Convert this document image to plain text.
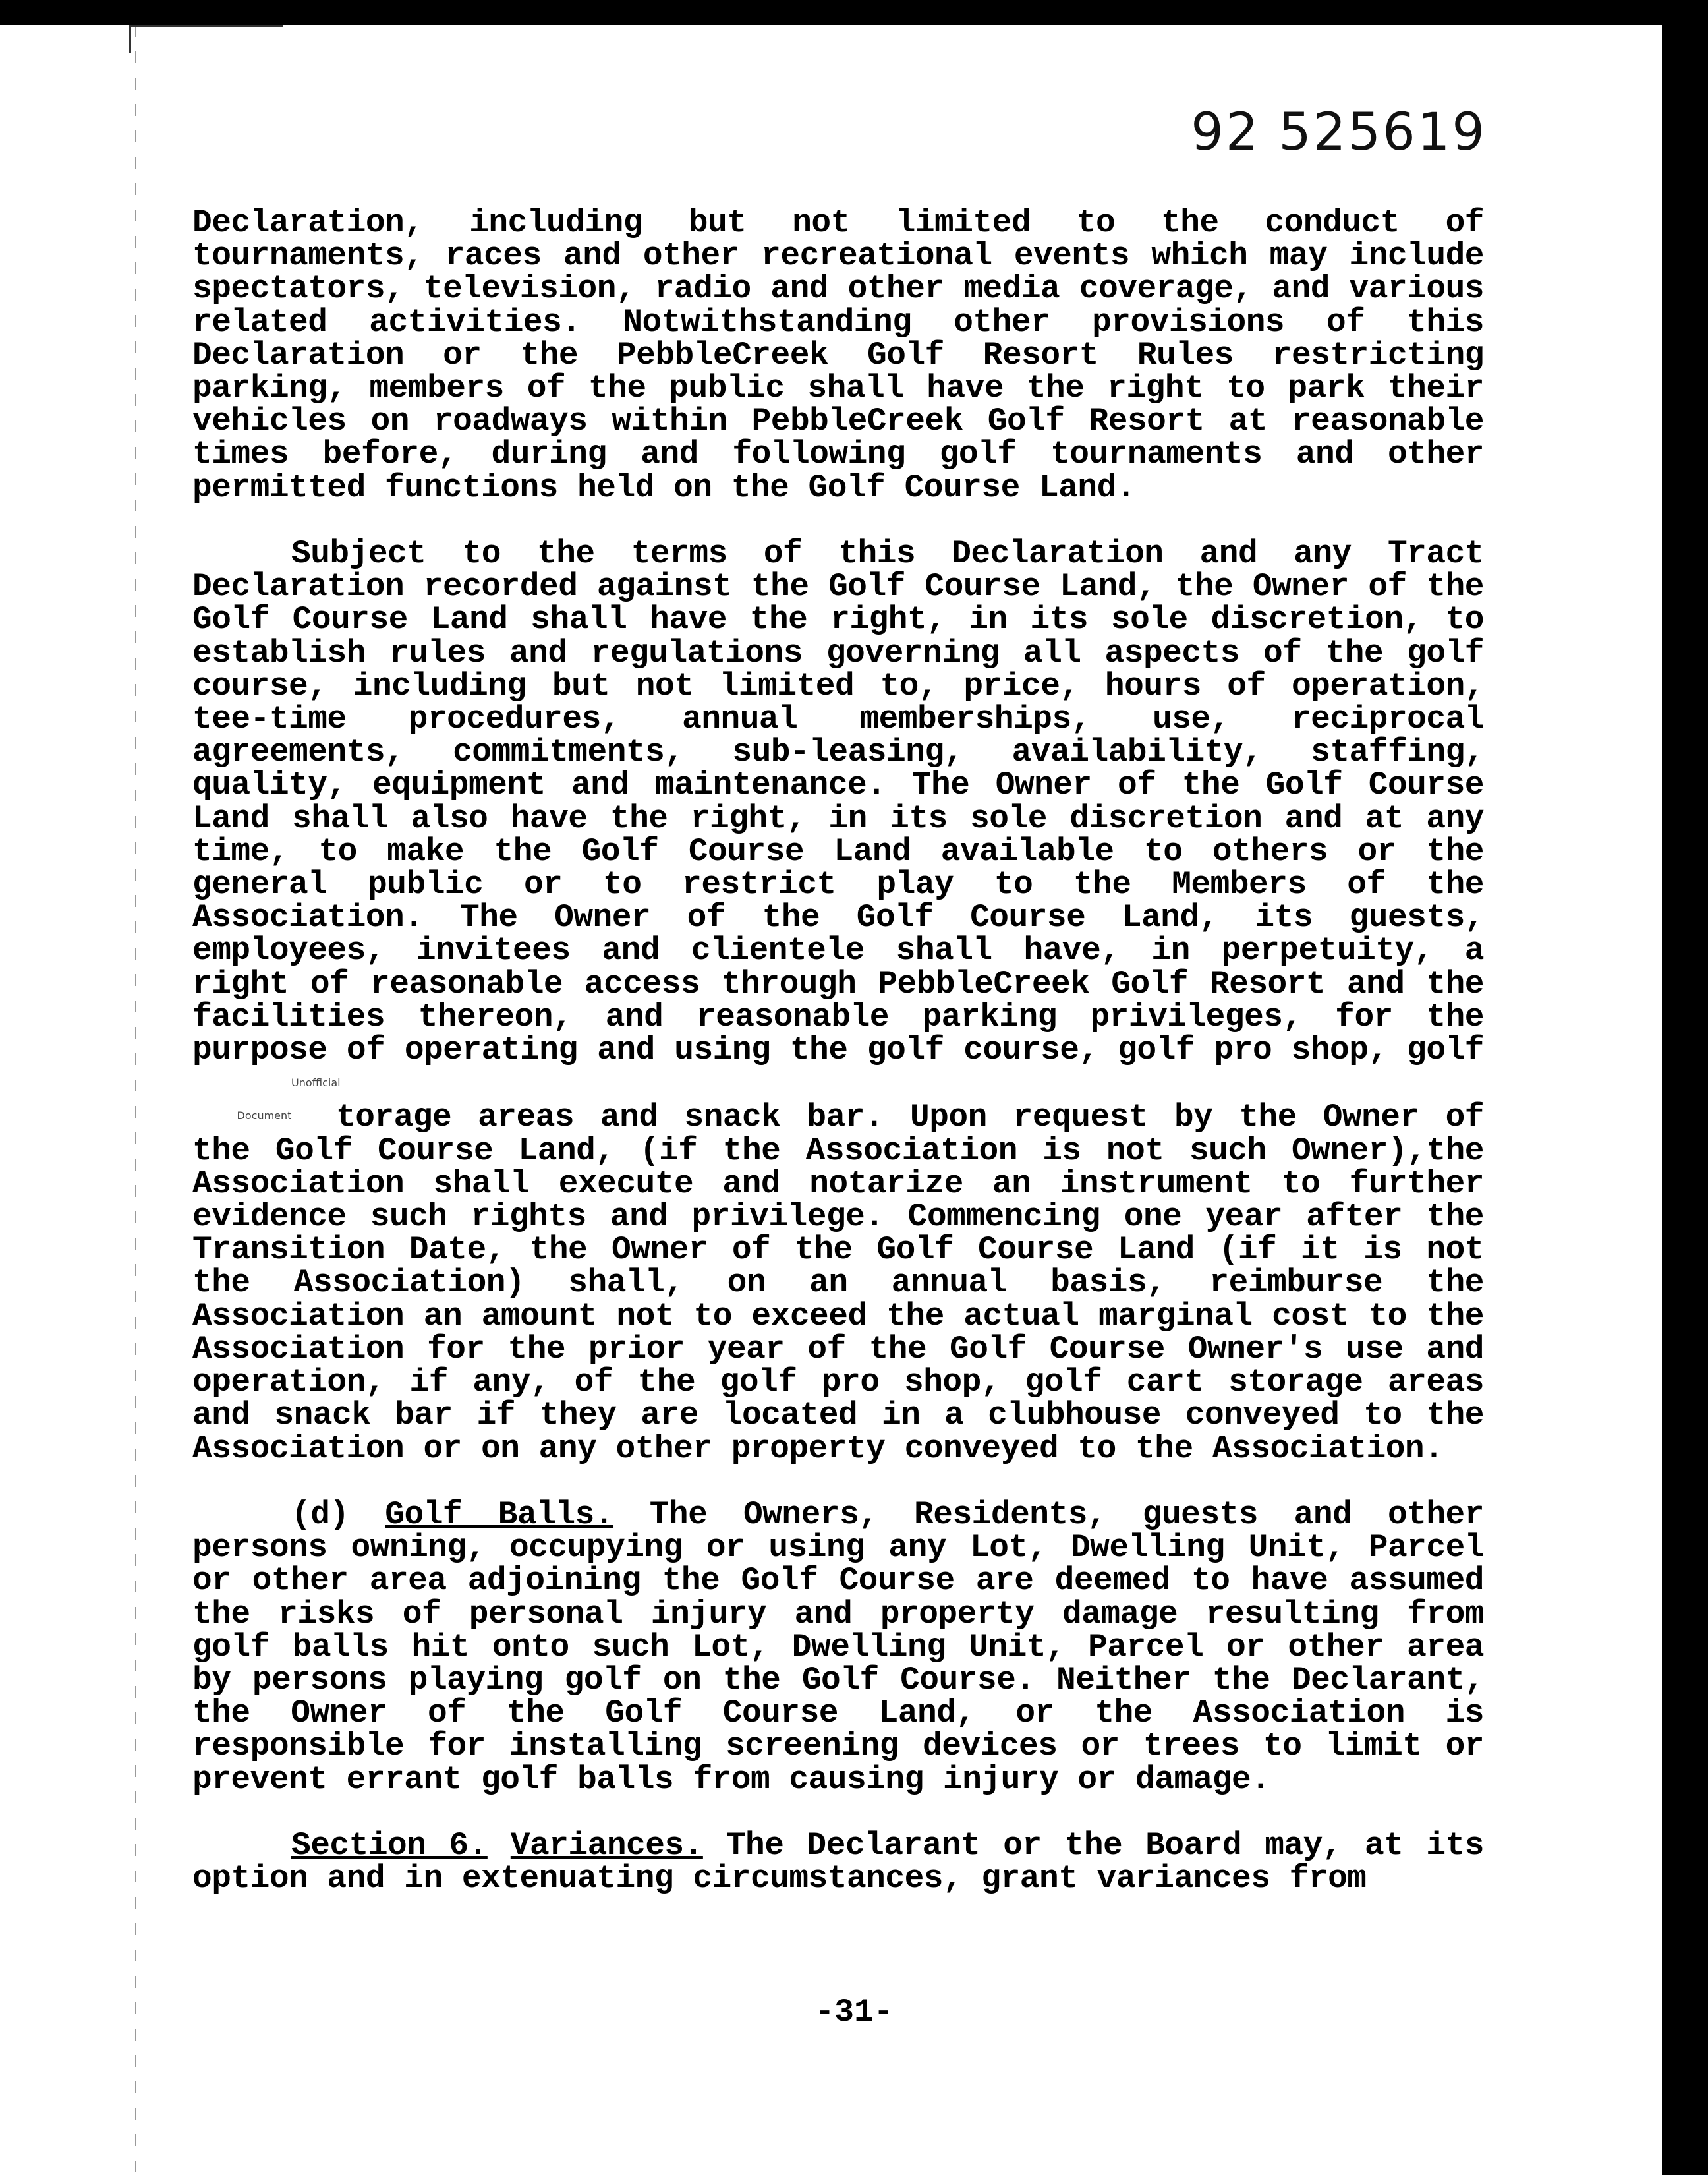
92 525619

Declaration, including but not limited to the conduct of tournaments, races and other recreational events which may include spectators, television, radio and other media coverage, and various related activities. Notwithstanding other provisions of this Declaration or the PebbleCreek Golf Resort Rules restricting parking, members of the public shall have the right to park their vehicles on roadways within PebbleCreek Golf Resort at reasonable times before, during and following golf tournaments and other permitted functions held on the Golf Course Land.

Subject to the terms of this Declaration and any Tract Declaration recorded against the Golf Course Land, the Owner of the Golf Course Land shall have the right, in its sole discretion, to establish rules and regulations governing all aspects of the golf course, including but not limited to, price, hours of operation, tee-time procedures, annual memberships, use, reciprocal agreements, commitments, sub-leasing, availability, staffing, quality, equipment and maintenance. The Owner of the Golf Course Land shall also have the right, in its sole discretion and at any time, to make the Golf Course Land available to others or the general public or to restrict play to the Members of the Association. The Owner of the Golf Course Land, its guests, employees, invitees and clientele shall have, in perpetuity, a right of reasonable access through PebbleCreek Golf Resort and the facilities thereon, and reasonable parking privileges, for the purpose of operating and using the golf course, golf pro shop, golf Unofficial Document torage areas and snack bar. Upon request by the Owner of the Golf Course Land, (if the Association is not such Owner),the Association shall execute and notarize an instrument to further evidence such rights and privilege. Commencing one year after the Transition Date, the Owner of the Golf Course Land (if it is not the Association) shall, on an annual basis, reimburse the Association an amount not to exceed the actual marginal cost to the Association for the prior year of the Golf Course Owner's use and operation, if any, of the golf pro shop, golf cart storage areas and snack bar if they are located in a clubhouse conveyed to the Association or on any other property conveyed to the Association.

(d) Golf Balls. The Owners, Residents, guests and other persons owning, occupying or using any Lot, Dwelling Unit, Parcel or other area adjoining the Golf Course are deemed to have assumed the risks of personal injury and property damage resulting from golf balls hit onto such Lot, Dwelling Unit, Parcel or other area by persons playing golf on the Golf Course. Neither the Declarant, the Owner of the Golf Course Land, or the Association is responsible for installing screening devices or trees to limit or prevent errant golf balls from causing injury or damage.

Section 6. Variances. The Declarant or the Board may, at its option and in extenuating circumstances, grant variances from

-31-
